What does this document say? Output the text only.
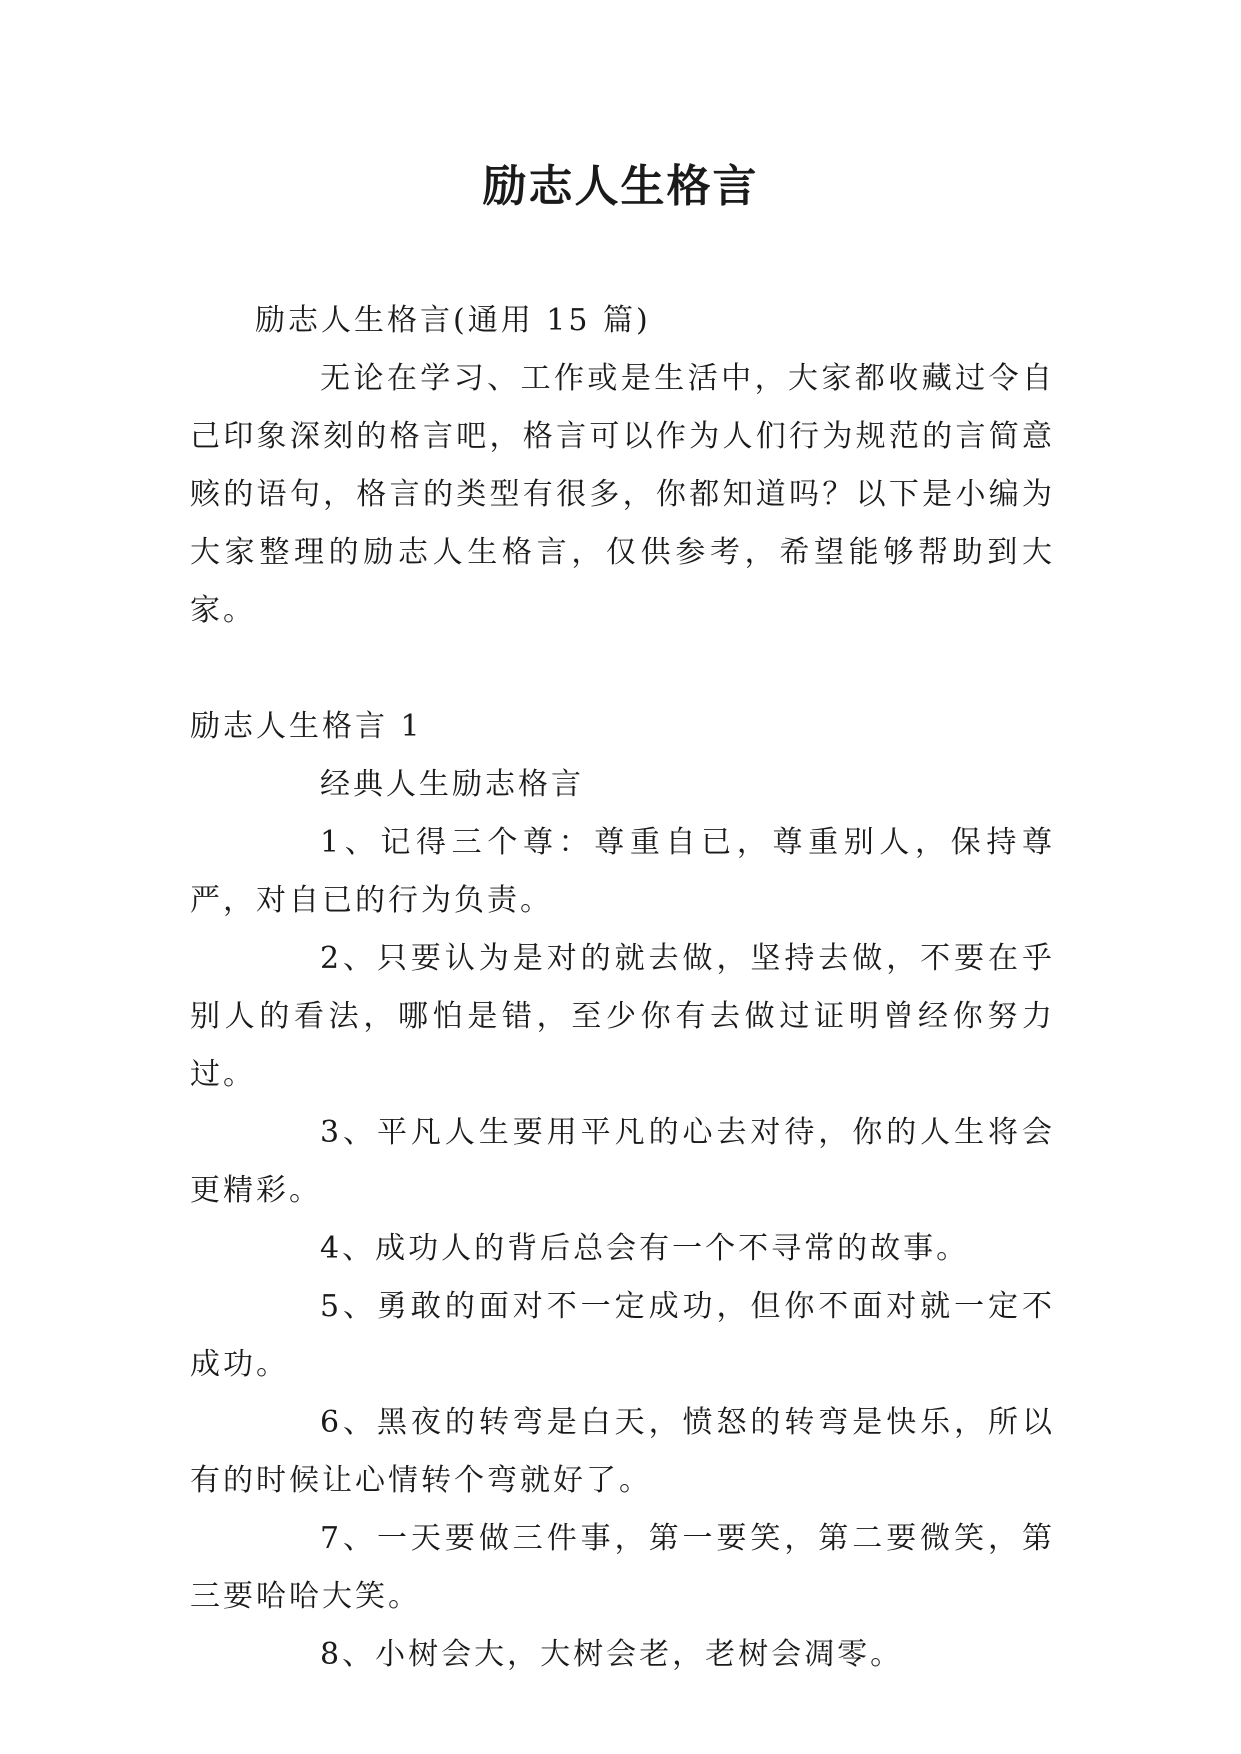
励志人生格言

励志人生格言(通用 15 篇)

无论在学习、工作或是生活中，大家都收藏过令自己印象深刻的格言吧，格言可以作为人们行为规范的言简意赅的语句，格言的类型有很多，你都知道吗？以下是小编为大家整理的励志人生格言，仅供参考，希望能够帮助到大家。

励志人生格言 1

经典人生励志格言

1、记得三个尊：尊重自已，尊重别人，保持尊严，对自已的行为负责。

2、只要认为是对的就去做，坚持去做，不要在乎别人的看法，哪怕是错，至少你有去做过证明曾经你努力过。

3、平凡人生要用平凡的心去对待，你的人生将会更精彩。

4、成功人的背后总会有一个不寻常的故事。

5、勇敢的面对不一定成功，但你不面对就一定不成功。

6、黑夜的转弯是白天，愤怒的转弯是快乐，所以有的时候让心情转个弯就好了。

7、一天要做三件事，第一要笑，第二要微笑，第三要哈哈大笑。

8、小树会大，大树会老，老树会凋零。
